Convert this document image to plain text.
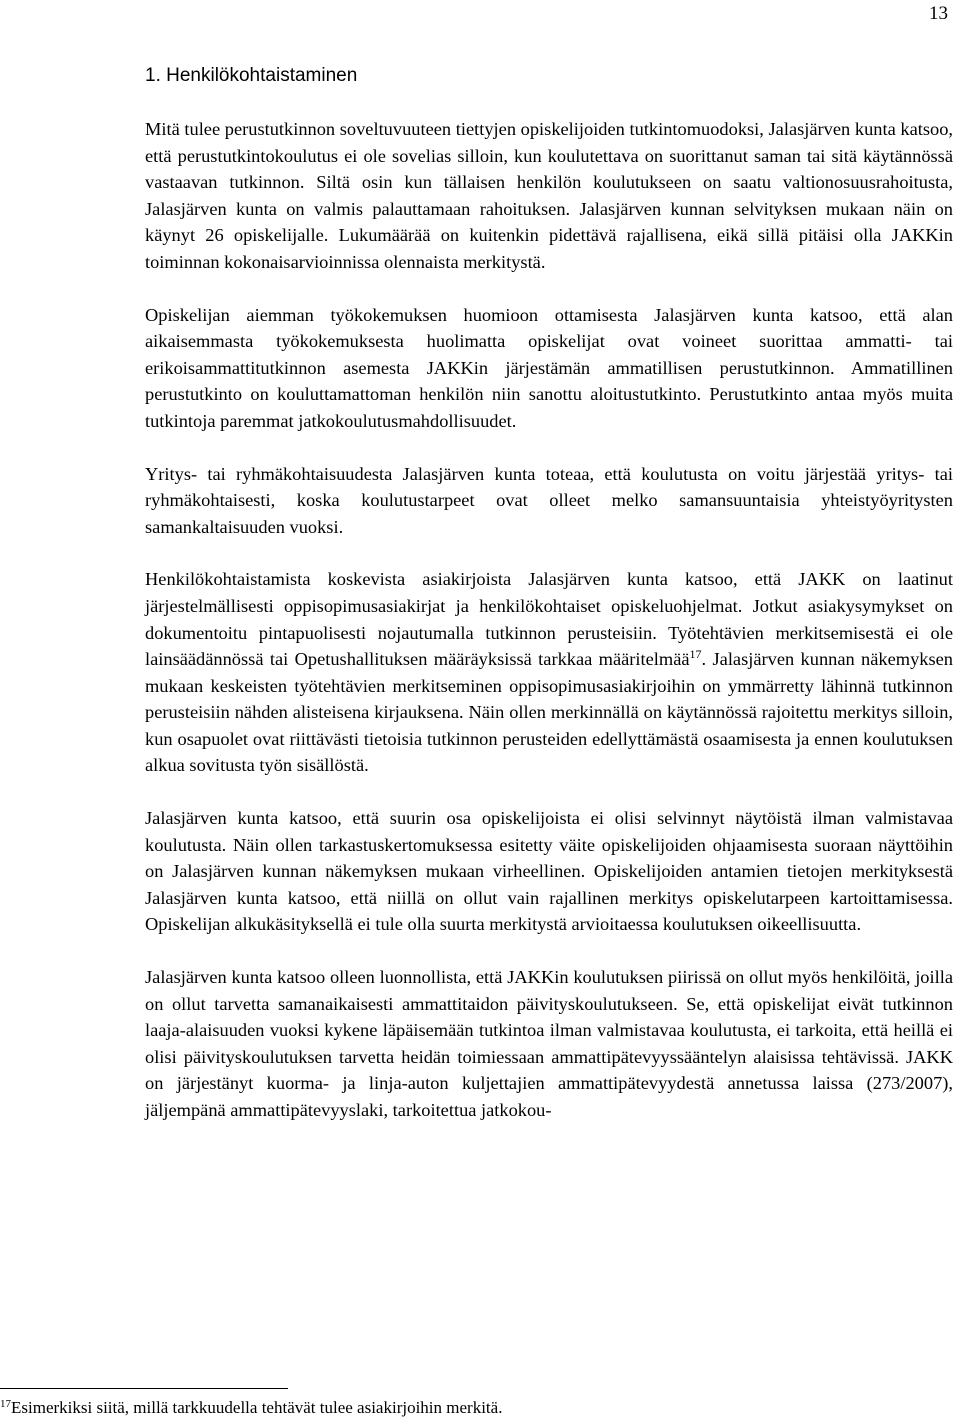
13
1. Henkilökohtaistaminen

Mitä tulee perustutkinnon soveltuvuuteen tiettyjen opiskelijoiden tutkintomuodoksi, Jalasjärven kunta katsoo, että perustutkintokoulutus ei ole sovelias silloin, kun koulutettava on suorittanut saman tai sitä käytännössä vastaavan tutkinnon. Siltä osin kun tällaisen henkilön koulutukseen on saatu valtionosuusrahoitusta, Jalasjärven kunta on valmis palauttamaan rahoituksen. Jalasjärven kunnan selvityksen mukaan näin on käynyt 26 opiskelijalle. Lukumäärää on kuitenkin pidettävä rajallisena, eikä sillä pitäisi olla JAKKin toiminnan kokonaisarvioinnissa olennaista merkitystä.

Opiskelijan aiemman työkokemuksen huomioon ottamisesta Jalasjärven kunta katsoo, että alan aikaisemmasta työkokemuksesta huolimatta opiskelijat ovat voineet suorittaa ammatti- tai erikoisammattitutkinnon asemesta JAKKin järjestämän ammatillisen perustutkinnon. Ammatillinen perustutkinto on kouluttamattoman henkilön niin sanottu aloitustutkinto. Perustutkinto antaa myös muita tutkintoja paremmat jatkokoulutusmahdollisuudet.

Yritys- tai ryhmäkohtaisuudesta Jalasjärven kunta toteaa, että koulutusta on voitu järjestää yritys- tai ryhmäkohtaisesti, koska koulutustarpeet ovat olleet melko samansuuntaisia yhteistyöyritysten samankaltaisuuden vuoksi.

Henkilökohtaistamista koskevista asiakirjoista Jalasjärven kunta katsoo, että JAKK on laatinut järjestelmällisesti oppisopimusasiakirjat ja henkilökohtaiset opiskeluohjelmat. Jotkut asiakysymykset on dokumentoitu pintapuolisesti nojautumalla tutkinnon perusteisiin. Työtehtävien merkitsemisestä ei ole lainsäädännössä tai Opetushallituksen määräyksissä tarkkaa määritelmää$^{17}$. Jalasjärven kunnan näkemyksen mukaan keskeisten työtehtävien merkitseminen oppisopimusasiakirjoihin on ymmärretty lähinnä tutkinnon perusteisiin nähden alisteisena kirjauksena. Näin ollen merkinnällä on käytännössä rajoitettu merkitys silloin, kun osapuolet ovat riittävästi tietoisia tutkinnon perusteiden edellyttämästä osaamisesta ja ennen koulutuksen alkua sovitusta työn sisällöstä.

Jalasjärven kunta katsoo, että suurin osa opiskelijoista ei olisi selvinnyt näytöistä ilman valmistavaa koulutusta. Näin ollen tarkastuskertomuksessa esitetty väite opiskelijoiden ohjaamisesta suoraan näyttöihin on Jalasjärven kunnan näkemyksen mukaan virheellinen. Opiskelijoiden antamien tietojen merkityksestä Jalasjärven kunta katsoo, että niillä on ollut vain rajallinen merkitys opiskelutarpeen kartoittamisessa. Opiskelijan alkukäsityksellä ei tule olla suurta merkitystä arvioitaessa koulutuksen oikeellisuutta.

Jalasjärven kunta katsoo olleen luonnollista, että JAKKin koulutuksen piirissä on ollut myös henkilöitä, joilla on ollut tarvetta samanaikaisesti ammattitaidon päivityskoulutukseen. Se, että opiskelijat eivät tutkinnon laaja-alaisuuden vuoksi kykene läpäisemään tutkintoa ilman valmistavaa koulutusta, ei tarkoita, että heillä ei olisi päivityskoulutuksen tarvetta heidän toimiessaan ammattipätevyyssääntelyn alaisissa tehtävissä. JAKK on järjestänyt kuorma- ja linja-auton kuljettajien ammattipätevyydestä annetussa laissa (273/2007), jäljempänä ammattipätevyyslaki, tarkoitettua jatkokou-

$^{17}$Esimerkiksi siitä, millä tarkkuudella tehtävät tulee asiakirjoihin merkitä.
